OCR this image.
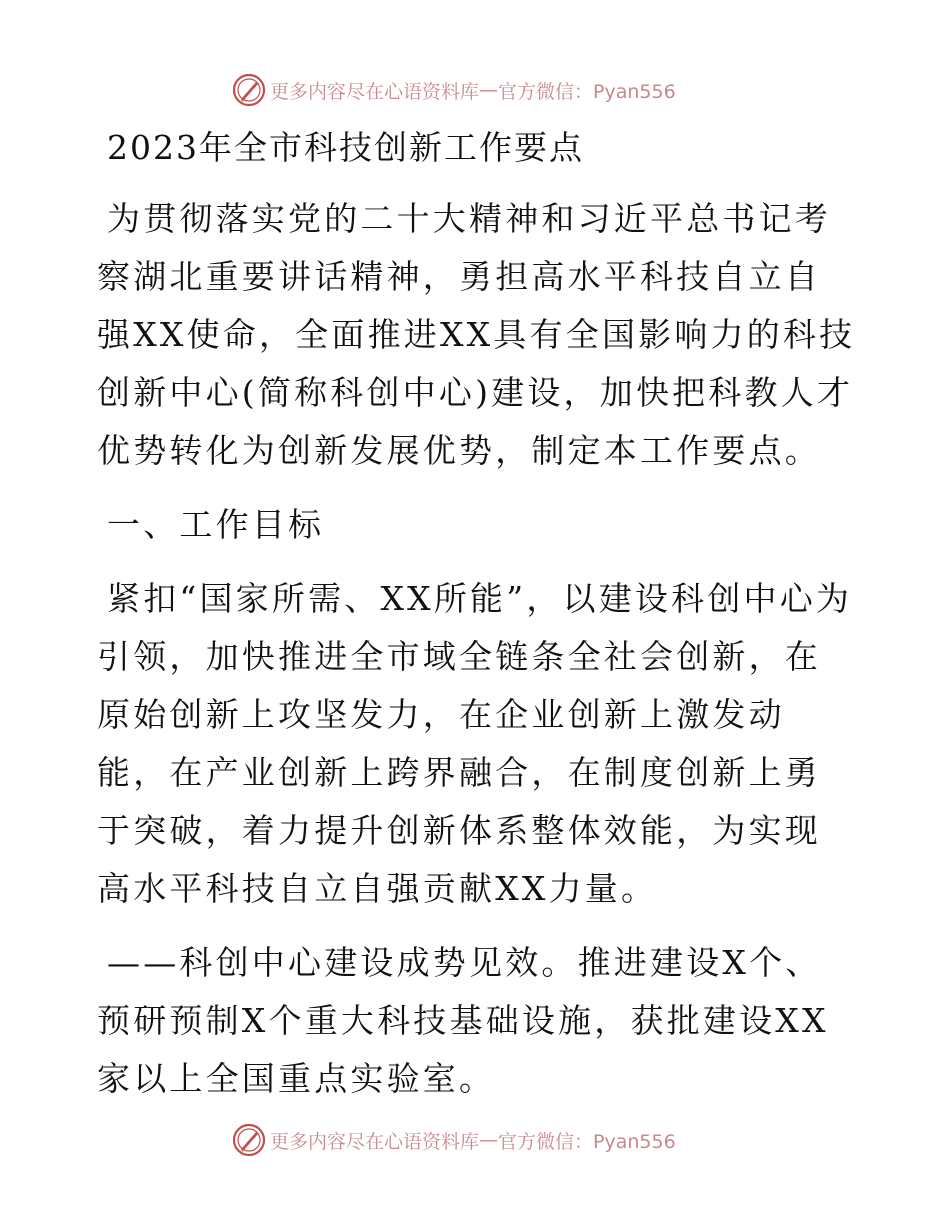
更多内容尽在心语资料库 — 官方微信：Pyan556
2023年全市科技创新工作要点

为贯彻落实党的二十大精神和习近平总书记考察湖北重要讲话精神，勇担高水平科技自立自强XX使命，全面推进XX具有全国影响力的科技创新中心(简称科创中心)建设，加快把科教人才优势转化为创新发展优势，制定本工作要点。

一、工作目标

紧扣“国家所需、XX所能”，以建设科创中心为引领，加快推进全市域全链条全社会创新，在原始创新上攻坚发力，在企业创新上激发动能，在产业创新上跨界融合，在制度创新上勇于突破，着力提升创新体系整体效能，为实现高水平科技自立自强贡献XX力量。

——科创中心建设成势见效。推进建设X个、预研预制X个重大科技基础设施，获批建设XX家以上全国重点实验室。

更多内容尽在心语资料库 — 官方微信：Pyan556
